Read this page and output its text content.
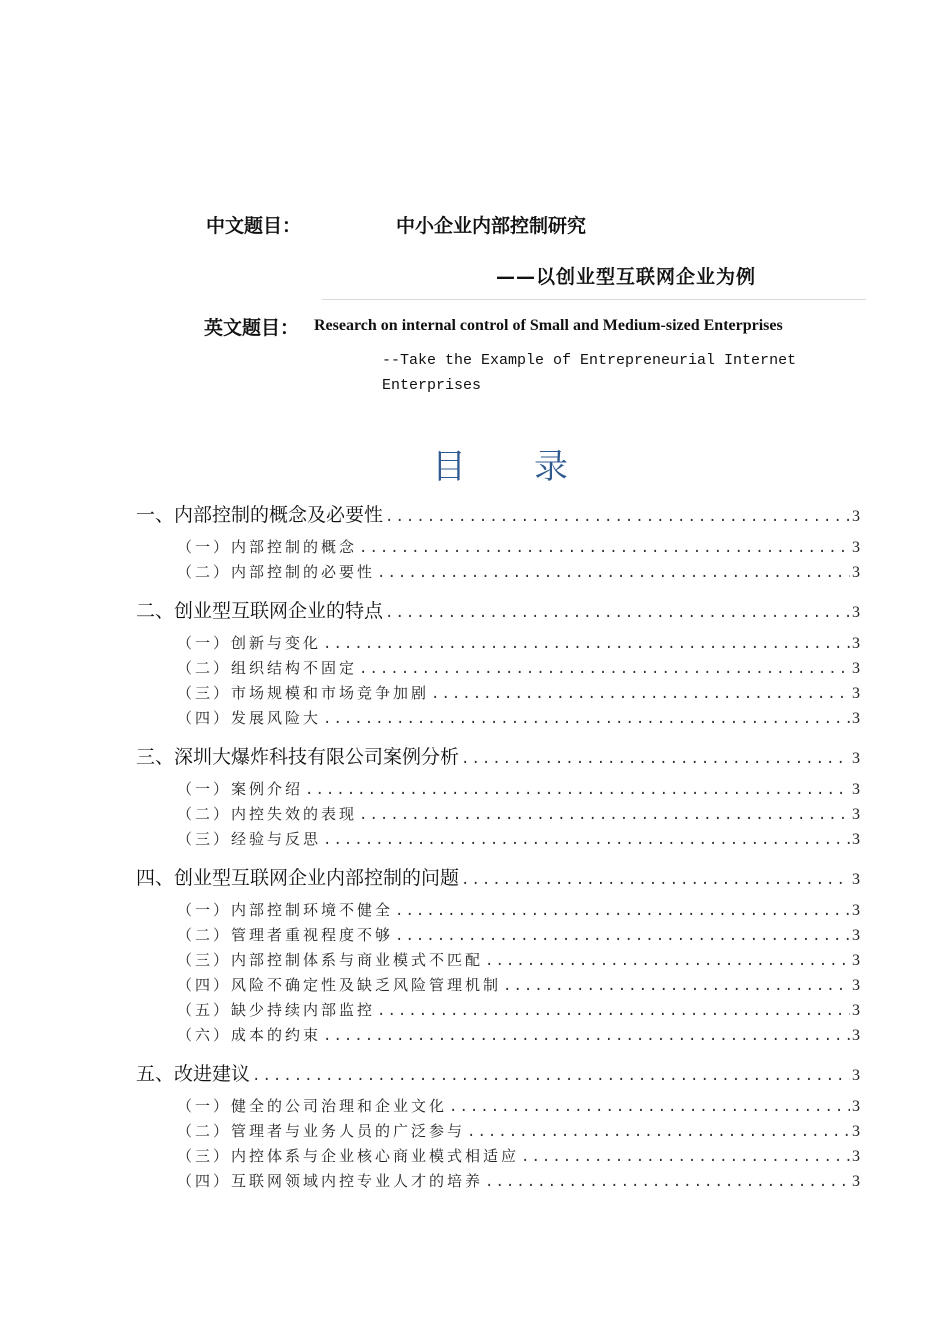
中文题目：	中小企业内部控制研究
——以创业型互联网企业为例
英文题目： Research on internal control of Small and Medium-sized Enterprises
--Take the Example of Entrepreneurial Internet
Enterprises
目 录
一、内部控制的概念及必要性 .....	3
（一）内部控制的概念 .....	3
（二）内部控制的必要性 .....	3
二、创业型互联网企业的特点 .....	3
（一）创新与变化 .....	3
（二）组织结构不固定 .....	3
（三）市场规模和市场竞争加剧 .....	3
（四）发展风险大 .....	3
三、深圳大爆炸科技有限公司案例分析 .....	3
（一）案例介绍 .....	3
（二）内控失效的表现 .....	3
（三）经验与反思 .....	3
四、创业型互联网企业内部控制的问题 .....	3
（一）内部控制环境不健全 .....	3
（二）管理者重视程度不够 .....	3
（三）内部控制体系与商业模式不匹配 .....	3
（四）风险不确定性及缺乏风险管理机制 .....	3
（五）缺少持续内部监控 .....	3
（六）成本的约束 .....	3
五、改进建议 .....	3
（一）健全的公司治理和企业文化 .....	3
（二）管理者与业务人员的广泛参与 .....	3
（三）内控体系与企业核心商业模式相适应 .....	3
（四）互联网领域内控专业人才的培养 .....	3
